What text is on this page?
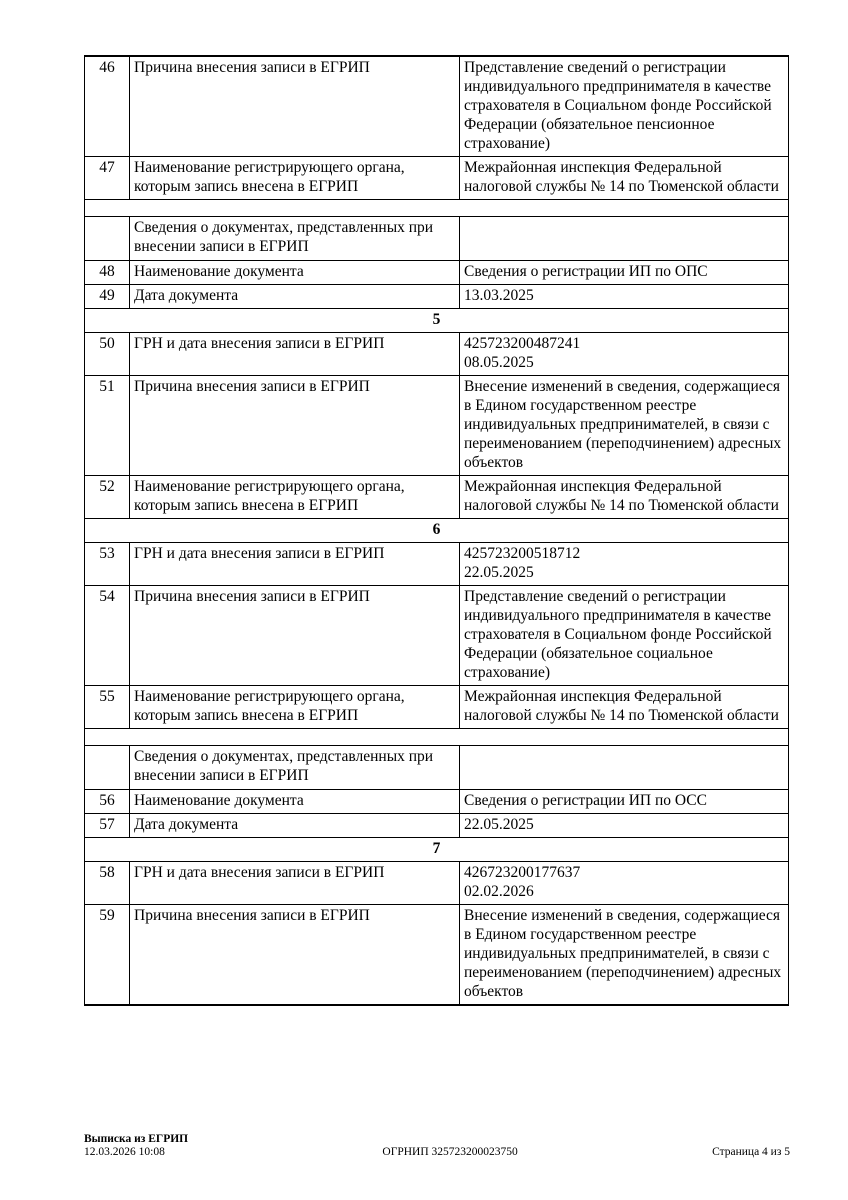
46	Причина внесения записи в ЕГРИП	Представление сведений о регистрации индивидуального предпринимателя в качестве страхователя в Социальном фонде Российской Федерации (обязательное пенсионное страхование)

47	Наименование регистрирующего органа, которым запись внесена в ЕГРИП	Межрайонная инспекция Федеральной налоговой службы № 14 по Тюменской области

	Сведения о документах, представленных при внесении записи в ЕГРИП	
48	Наименование документа	Сведения о регистрации ИП по ОПС

49	Дата документа	13.03.2025

5		
50	ГРН и дата внесения записи в ЕГРИП	425723200487241
08.05.2025

51	Причина внесения записи в ЕГРИП	Внесение изменений в сведения, содержащиеся в Едином государственном реестре индивидуальных предпринимателей, в связи с переименованием (переподчинением) адресных объектов

52	Наименование регистрирующего органа, которым запись внесена в ЕГРИП	Межрайонная инспекция Федеральной налоговой службы № 14 по Тюменской области

6		
53	ГРН и дата внесения записи в ЕГРИП	425723200518712
22.05.2025

54	Причина внесения записи в ЕГРИП	Представление сведений о регистрации индивидуального предпринимателя в качестве страхователя в Социальном фонде Российской Федерации (обязательное социальное страхование)

55	Наименование регистрирующего органа, которым запись внесена в ЕГРИП	Межрайонная инспекция Федеральной налоговой службы № 14 по Тюменской области

	Сведения о документах, представленных при внесении записи в ЕГРИП	
56	Наименование документа	Сведения о регистрации ИП по ОСС

57	Дата документа	22.05.2025

7		
58	ГРН и дата внесения записи в ЕГРИП	426723200177637
02.02.2026

59	Причина внесения записи в ЕГРИП	Внесение изменений в сведения, содержащиеся в Едином государственном реестре индивидуальных предпринимателей, в связи с переименованием (переподчинением) адресных объектов
Выписка из ЕГРИП
12.03.2026 10:08	ОГРНИП 325723200023750	Страница 4 из 5
